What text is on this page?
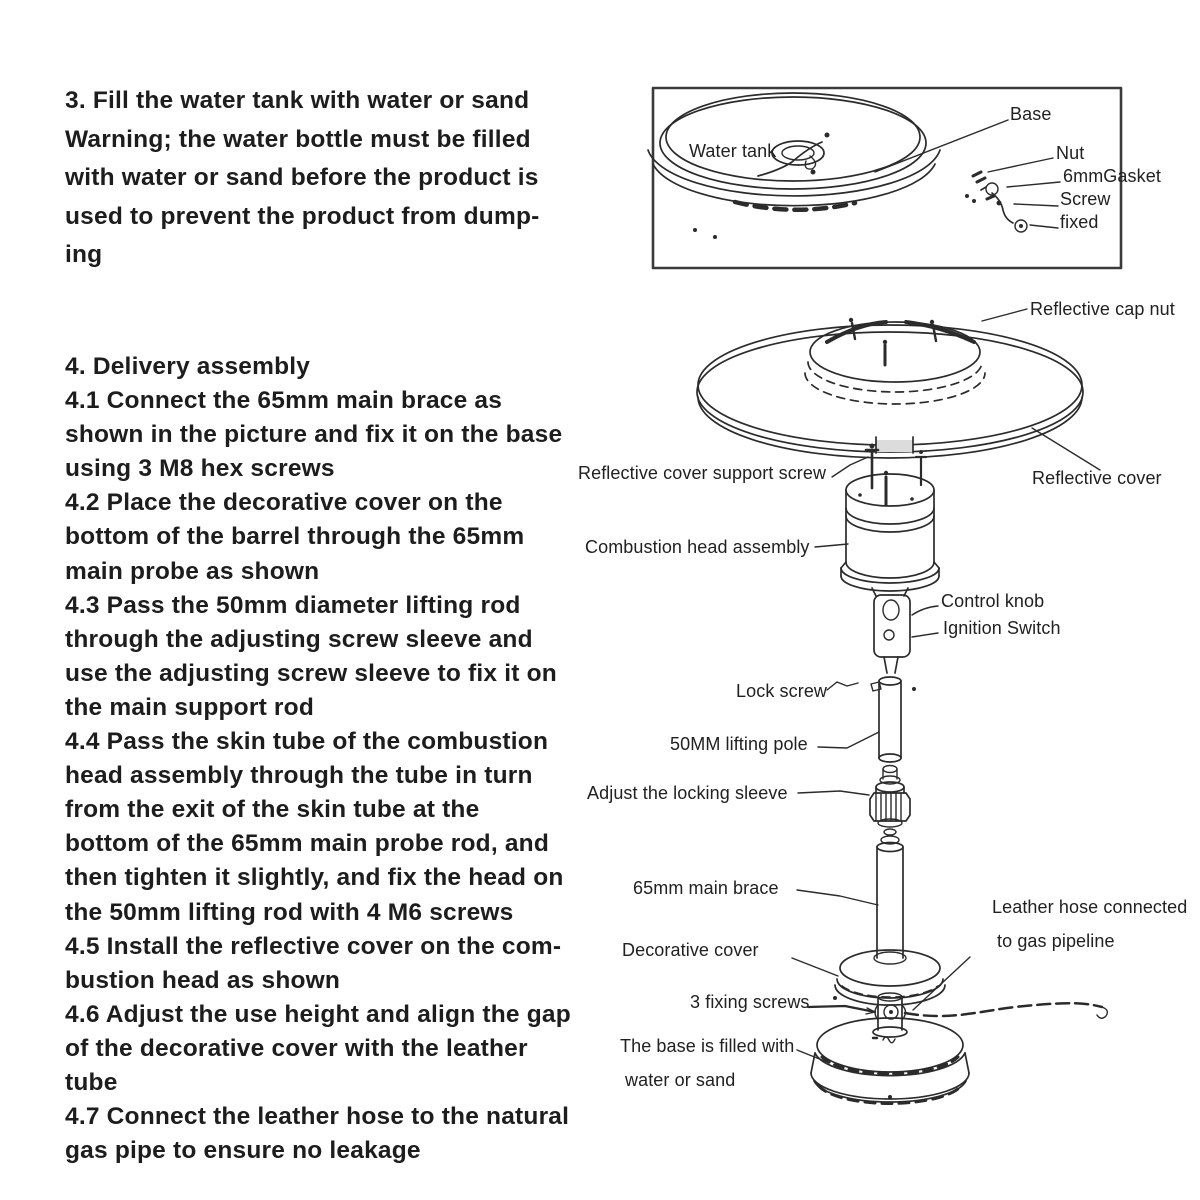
3. Fill the water tank with water or sand
Warning; the water bottle must be filled
with water or sand before the product is
used to prevent the product from dump-
ing
4. Delivery assembly
4.1 Connect the 65mm main brace as
shown in the picture and fix it on the base
using 3 M8 hex screws
4.2 Place the decorative cover on the
bottom of the barrel through the 65mm
main probe as shown
4.3 Pass the 50mm diameter lifting rod
through the adjusting screw sleeve and
use the adjusting screw sleeve to fix it on
the main support rod
4.4 Pass the skin tube of the combustion
head assembly through the tube in turn
from the exit of the skin tube at the
bottom of the 65mm main probe rod, and
then tighten it slightly, and fix the head on
the 50mm lifting rod with 4 M6 screws
4.5 Install the reflective cover on the com-
bustion head as shown
4.6 Adjust the use height and align the gap
of the decorative cover with the leather
tube
4.7 Connect the leather hose to the natural
gas pipe to ensure no leakage
Water tank
Base
Nut
6mmGasket
Screw
fixed
Reflective cap nut
Reflective cover support screw	Reflective cover
Combustion head assembly
Control knob
Ignition Switch
Lock screw
50MM lifting pole
Adjust the locking sleeve
65mm main brace
Leather hose connected
to gas pipeline
Decorative cover
3 fixing screws
The base is filled with
water or sand
